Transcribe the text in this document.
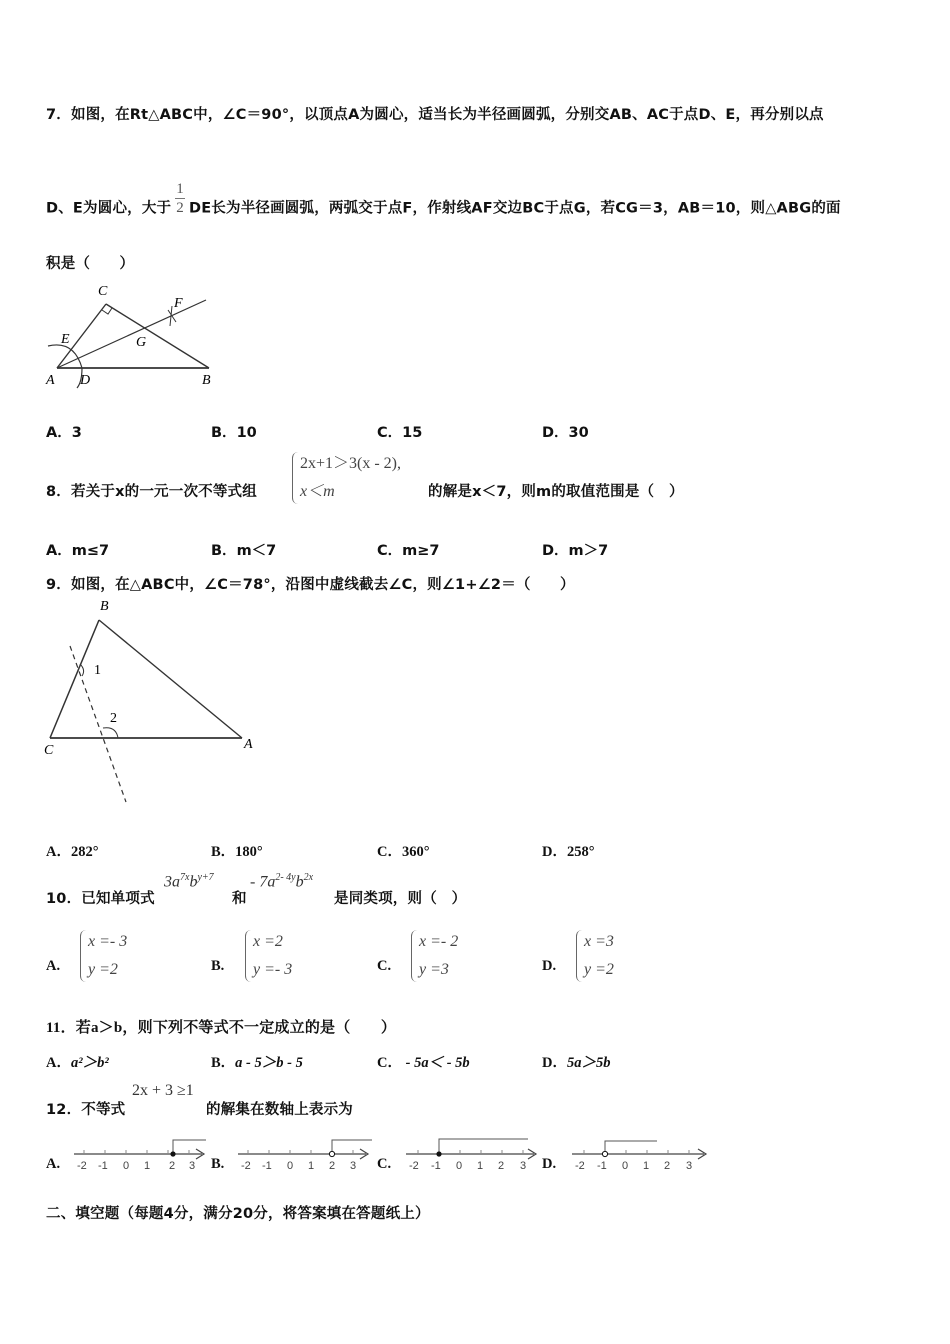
7．如图，在Rt△ABC中，∠C＝90°，以顶点A为圆心，适当长为半径画圆弧，分别交AB、AC于点D、E，再分别以点
D、E为圆心，大于 $\frac{1}{2}$ DE长为半径画圆弧，两弧交于点F，作射线AF交边BC于点G，若CG＝3，AB＝10，则△ABG的面
积是（　　）
A	B
C
D
E
F
G
A．3	B．10	C．15	D．30
8．若关于x的一元一次不等式组
2x+1＞3(x - 2),
x＜m	的解是x＜7，则m的取值范围是（　）
A．m≤7	B．m＜7	C．m≥7	D．m＞7
9．如图，在△ABC中，∠C＝78°，沿图中虚线截去∠C，则∠1+∠2＝（　　）
B
C	A
1
2
A．282°	B．180°	C．360°	D．258°
10．已知单项式
$3a^{7x}b^{y+7}$
和
- $7a^{2- 4y}b^{2x}$
是同类项，则（　）
A.
x =- 3
y =2	B.
x =2
y =- 3	C.
x =- 2
y =3	D.
x =3
y =2
11．若a＞b，则下列不等式不一定成立的是（　　）
A．a²＞b²	B．a - 5＞b - 5	C． - 5a＜ - 5b	D．5a＞5b
12．不等式
2x + 3 ≥1
的解集在数轴上表示为
A. -2 -1 0 1 2 3 B. -2 -1 0 1 2 3 C. -2 -1 0 1 2 3 D. -2 -1 0 1 2 3
二、填空题（每题4分，满分20分，将答案填在答题纸上）
